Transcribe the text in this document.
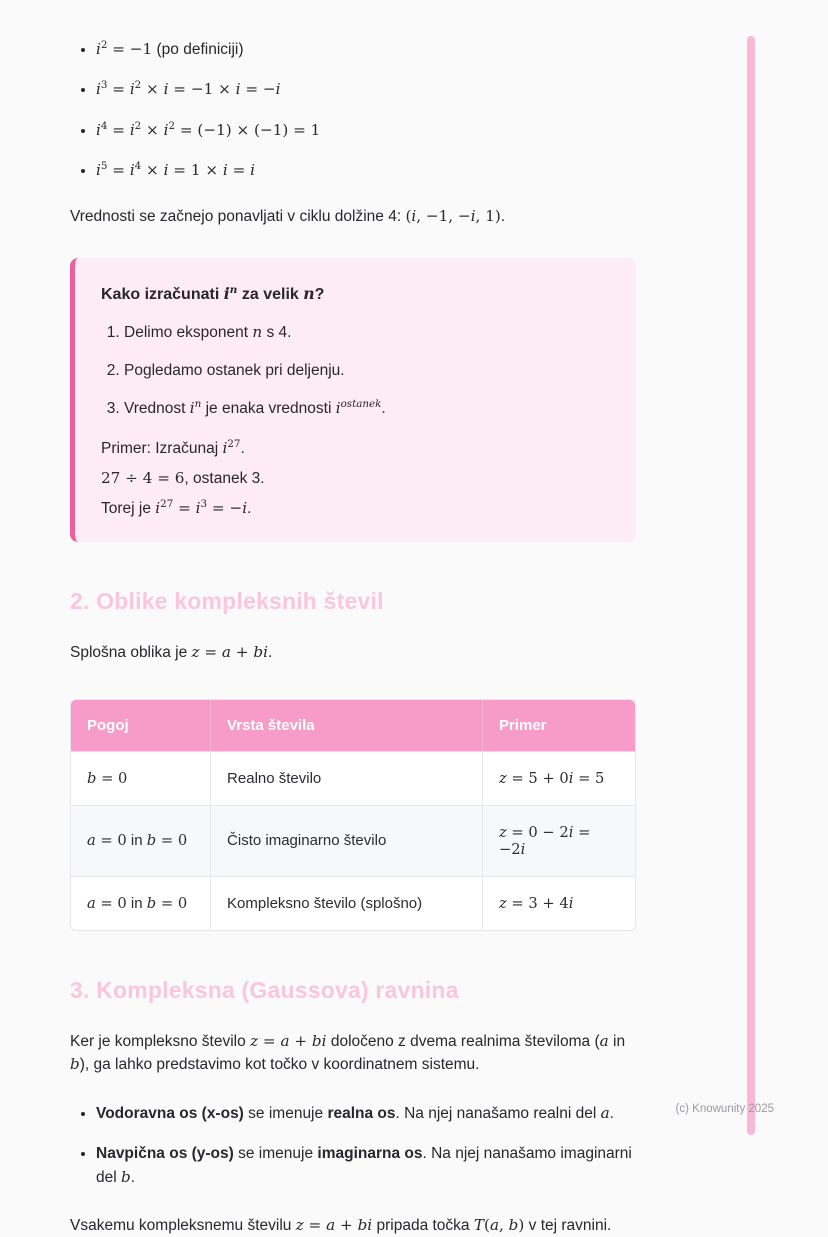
• $i^2 = -1$ (po definiciji)
• $i^3 = i^2 \times i = -1 \times i = -i$
• $i^4 = i^2 \times i^2 = (-1) \times (-1) = 1$
• $i^5 = i^4 \times i = 1 \times i = i$

Vrednosti se začnejo ponavljati v ciklu dolžine 4: (i, −1, −i, 1).

Kako izračunati $i^n$ za velik n?

1. Delimo eksponent n s 4.
2. Pogledamo ostanek pri deljenju.
3. Vrednost $i^n$ je enaka vrednosti $i^{ostanek}$.

Primer: Izračunaj $i^{27}$.

27 ÷ 4 = 6, ostanek 3.

Torej je $i^{27} = i^3 = -i$.

2. Oblike kompleksnih števil

Splošna oblika je z = a + bi.

Pogoj	Vrsta števila	Primer
b = 0	Realno število	z = 5 + 0i = 5
a = 0 in b = 0	Čisto imaginarno število	z = 0 − 2i = −2i
a = 0 in b = 0	Kompleksno število (splošno)	z = 3 + 4i
3. Kompleksna (Gaussova) ravnina

Ker je kompleksno število z = a + bi določeno z dvema realnima številoma (a in b), ga lahko predstavimo kot točko v koordinatnem sistemu.

• Vodoravna os (x-os) se imenuje realna os. Na njej nanašamo realni del a.
• Navpična os (y-os) se imenuje imaginarna os. Na njej nanašamo imaginarni del b.

Vsakemu kompleksnemu številu z = a + bi pripada točka T(a, b) v tej ravnini.

(c) Knowunity 2025
